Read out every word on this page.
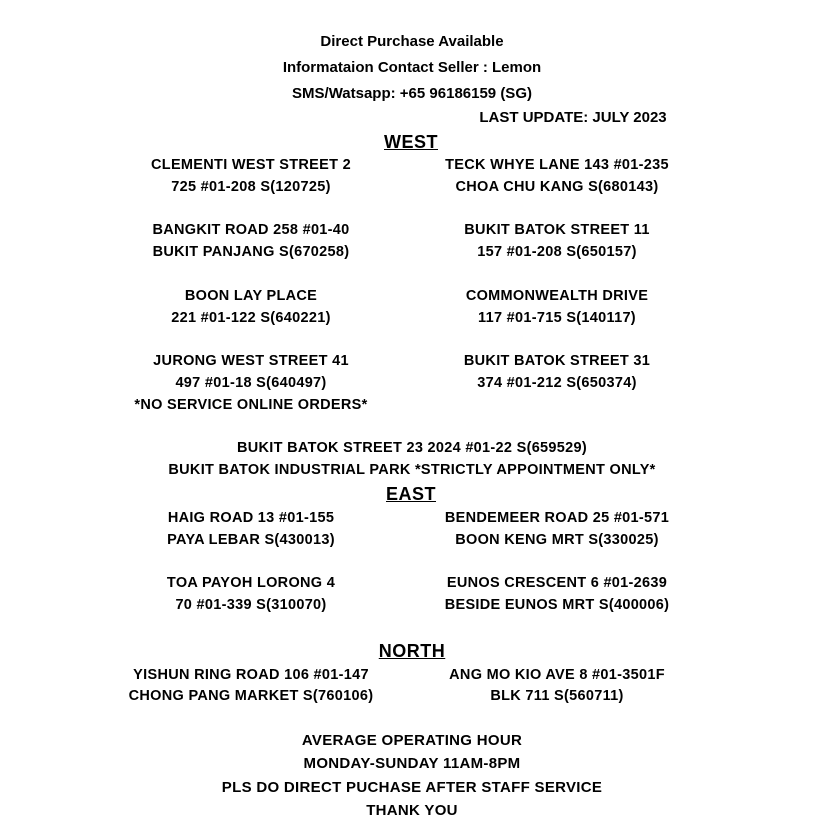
Direct Purchase Available
Informataion Contact Seller : Lemon
SMS/Watsapp: +65 96186159 (SG)
LAST UPDATE: JULY 2023
WEST
CLEMENTI WEST STREET 2
725 #01-208 S(120725)
TECK WHYE LANE 143 #01-235
CHOA CHU KANG S(680143)
BANGKIT ROAD 258 #01-40
BUKIT PANJANG S(670258)
BUKIT BATOK STREET 11
157 #01-208 S(650157)
BOON LAY PLACE
221 #01-122 S(640221)
COMMONWEALTH DRIVE
117 #01-715 S(140117)
JURONG WEST STREET 41
497 #01-18 S(640497)
*NO SERVICE ONLINE ORDERS*
BUKIT BATOK STREET 31
374 #01-212 S(650374)
BUKIT BATOK STREET 23 2024 #01-22 S(659529)
BUKIT BATOK INDUSTRIAL PARK *STRICTLY APPOINTMENT ONLY*
EAST
HAIG ROAD 13 #01-155
PAYA LEBAR S(430013)
BENDEMEER ROAD 25 #01-571
BOON KENG MRT S(330025)
TOA PAYOH LORONG 4
70 #01-339 S(310070)
EUNOS CRESCENT 6 #01-2639
BESIDE EUNOS MRT S(400006)
NORTH
YISHUN RING ROAD 106 #01-147
CHONG PANG MARKET S(760106)
ANG MO KIO AVE 8 #01-3501F
BLK 711 S(560711)
AVERAGE OPERATING HOUR
MONDAY-SUNDAY 11AM-8PM
PLS DO DIRECT PUCHASE AFTER STAFF SERVICE
THANK YOU
